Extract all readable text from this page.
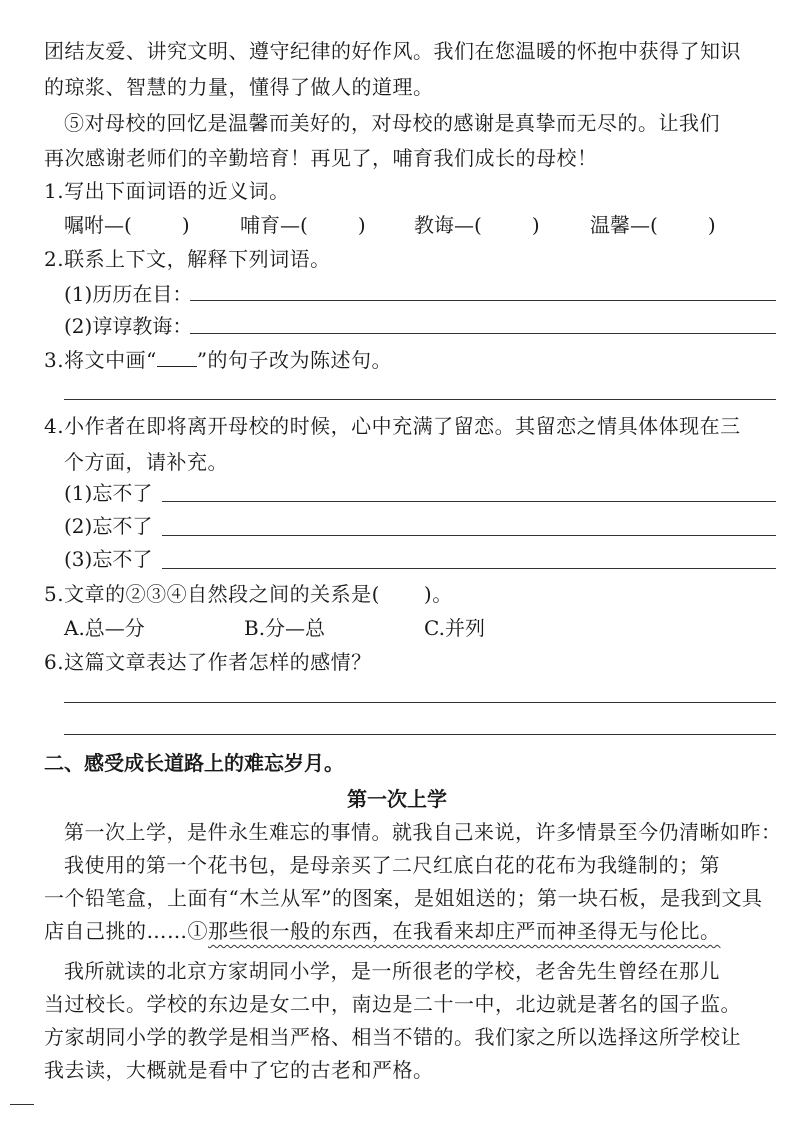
团结友爱、讲究文明、遵守纪律的好作风。我们在您温暖的怀抱中获得了知识
的琼浆、智慧的力量，懂得了做人的道理。
⑤对母校的回忆是温馨而美好的，对母校的感谢是真挚而无尽的。让我们
再次感谢老师们的辛勤培育！再见了，哺育我们成长的母校！
1.写出下面词语的近义词。
嘱咐—(	)	哺育—(	) 教诲—(	)	温馨—(	)
2.联系上下文，解释下列词语。
(1)历历在目：
(2)谆谆教诲：
3.将文中画“ ”的句子改为陈述句。
4.小作者在即将离开母校的时候，心中充满了留恋。其留恋之情具体体现在三
个方面，请补充。
(1)忘不了
(2)忘不了
(3)忘不了
5.文章的②③④自然段之间的关系是( )。
A.总—分	B.分—总	C.并列
6.这篇文章表达了作者怎样的感情？
二、感受成长道路上的难忘岁月。
第一次上学
第一次上学，是件永生难忘的事情。就我自己来说，许多情景至今仍清晰如昨：
我使用的第一个花书包，是母亲买了二尺红底白花的花布为我缝制的；第
一个铅笔盒，上面有“木兰从军”的图案，是姐姐送的；第一块石板，是我到文具
店自己挑的……①那些很一般的东西，在我看来却庄严而神圣得无与伦比。
我所就读的北京方家胡同小学，是一所很老的学校，老舍先生曾经在那儿
当过校长。学校的东边是女二中，南边是二十一中，北边就是著名的国子监。
方家胡同小学的教学是相当严格、相当不错的。我们家之所以选择这所学校让
我去读，大概就是看中了它的古老和严格。
